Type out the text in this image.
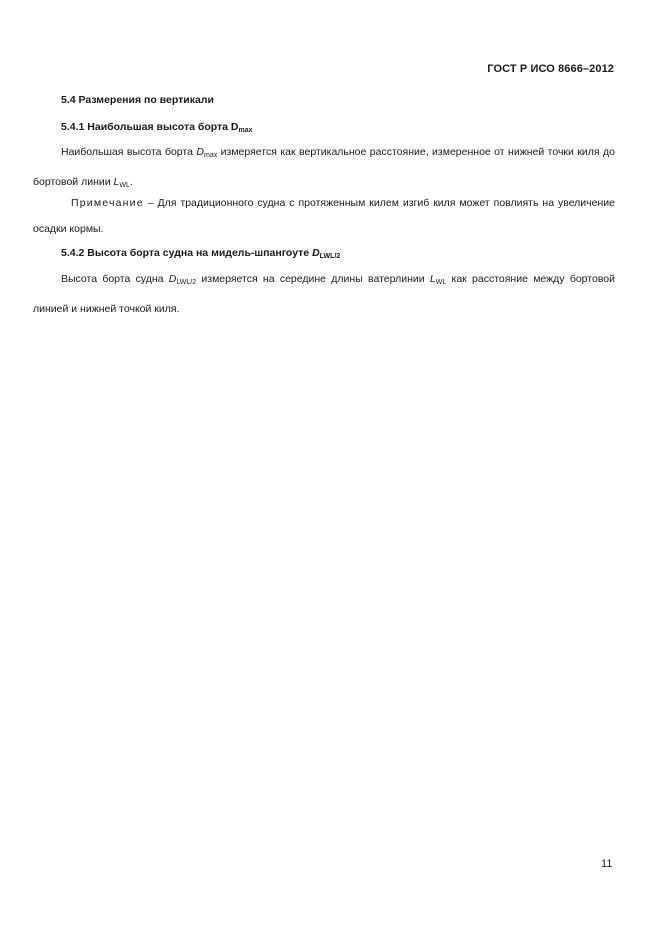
ГОСТ Р ИСО 8666–2012
5.4 Размерения по вертикали
5.4.1 Наибольшая высота борта Dmax
Наибольшая высота борта $D_{max}$ измеряется как вертикальное расстояние, измеренное от нижней точки киля до бортовой линии $L_{WL}$.
Примечание – Для традиционного судна с протяженным килем изгиб киля может повлиять на увеличение осадки кормы.
5.4.2 Высота борта судна на мидель-шпангоуте DLWL/2
Высота борта судна $D_{LWL/2}$ измеряется на середине длины ватерлинии $L_{WL}$ как расстояние между бортовой линией и нижней точкой киля.
11
